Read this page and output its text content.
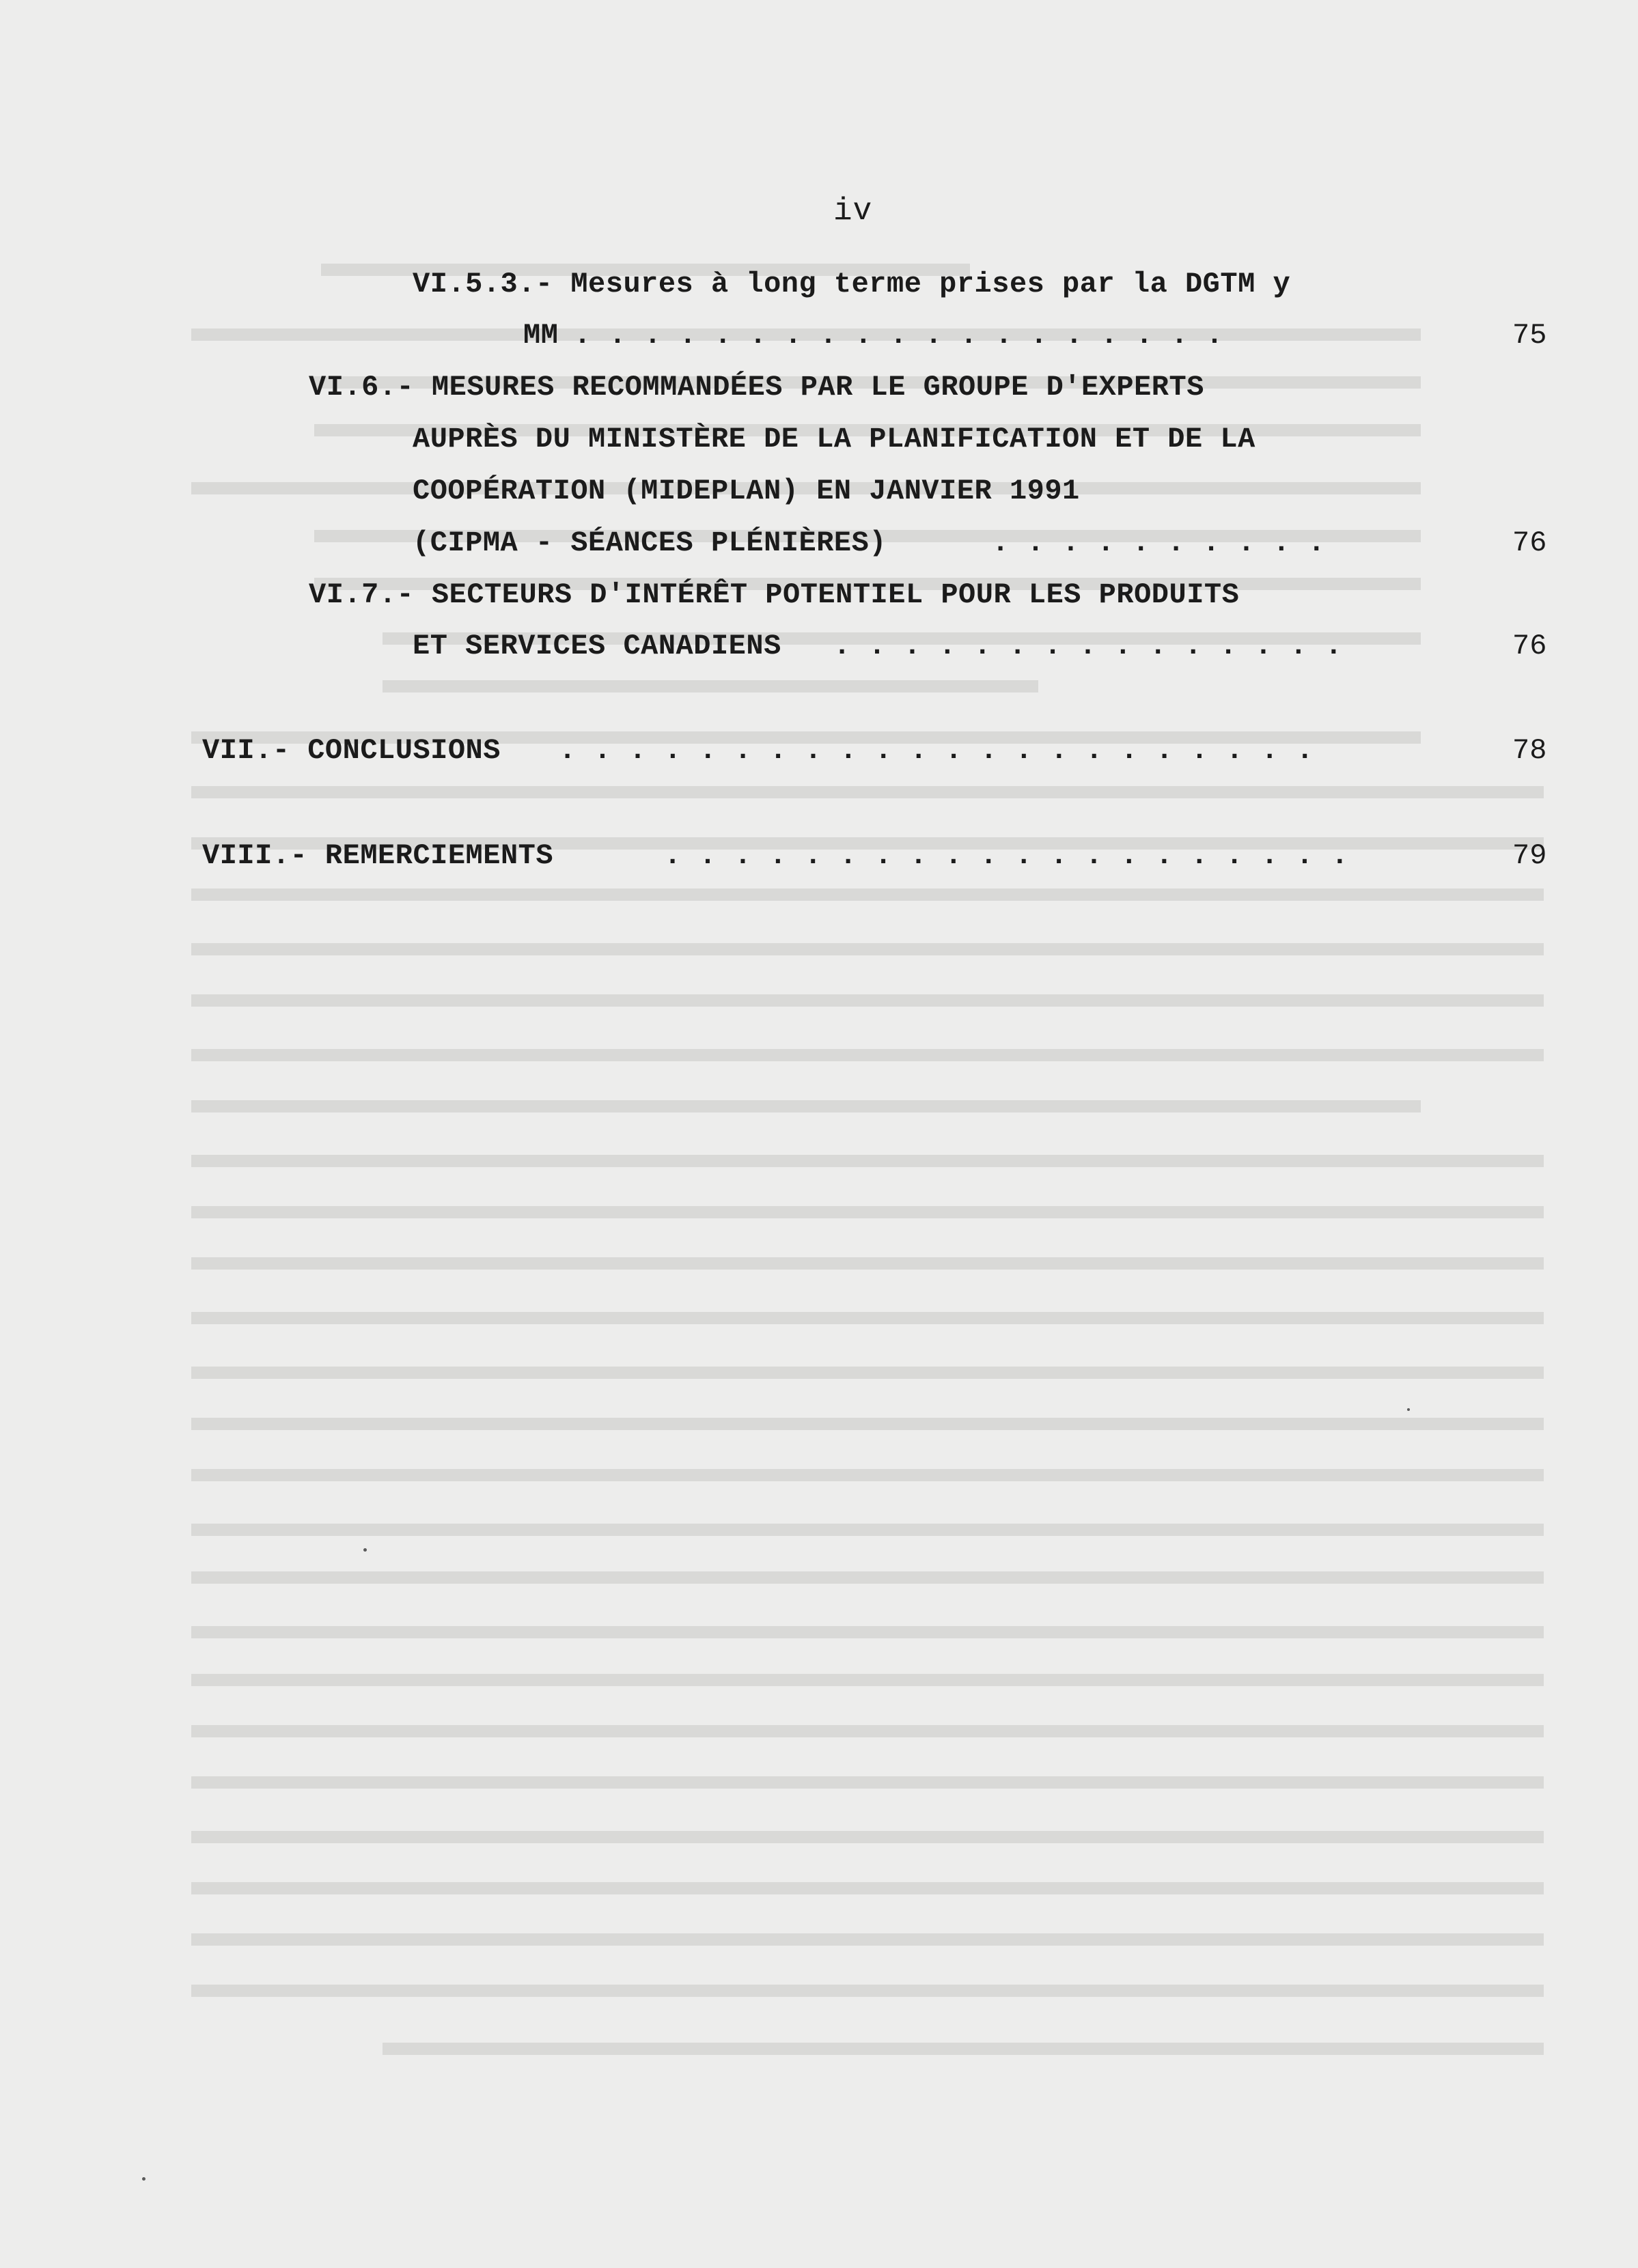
iv
VI.5.3.- Mesures à long terme prises par la DGTM y
MM . . . . . . . . . . . . . . . . . . .	75
VI.6.- MESURES RECOMMANDÉES PAR LE GROUPE D'EXPERTS
AUPRÈS DU MINISTÈRE DE LA PLANIFICATION ET DE LA
COOPÉRATION (MIDEPLAN) EN JANVIER 1991
(CIPMA - SÉANCES PLÉNIÈRES)	. . . . . . . . . .	76
VI.7.- SECTEURS D'INTÉRÊT POTENTIEL POUR LES PRODUITS
ET SERVICES CANADIENS . . . . . . . . . . . . . . .	76
VII.- CONCLUSIONS . . . . . . . . . . . . . . . . . . . . . .	78
VIII.- REMERCIEMENTS	. . . . . . . . . . . . . . . . . . . .	79
